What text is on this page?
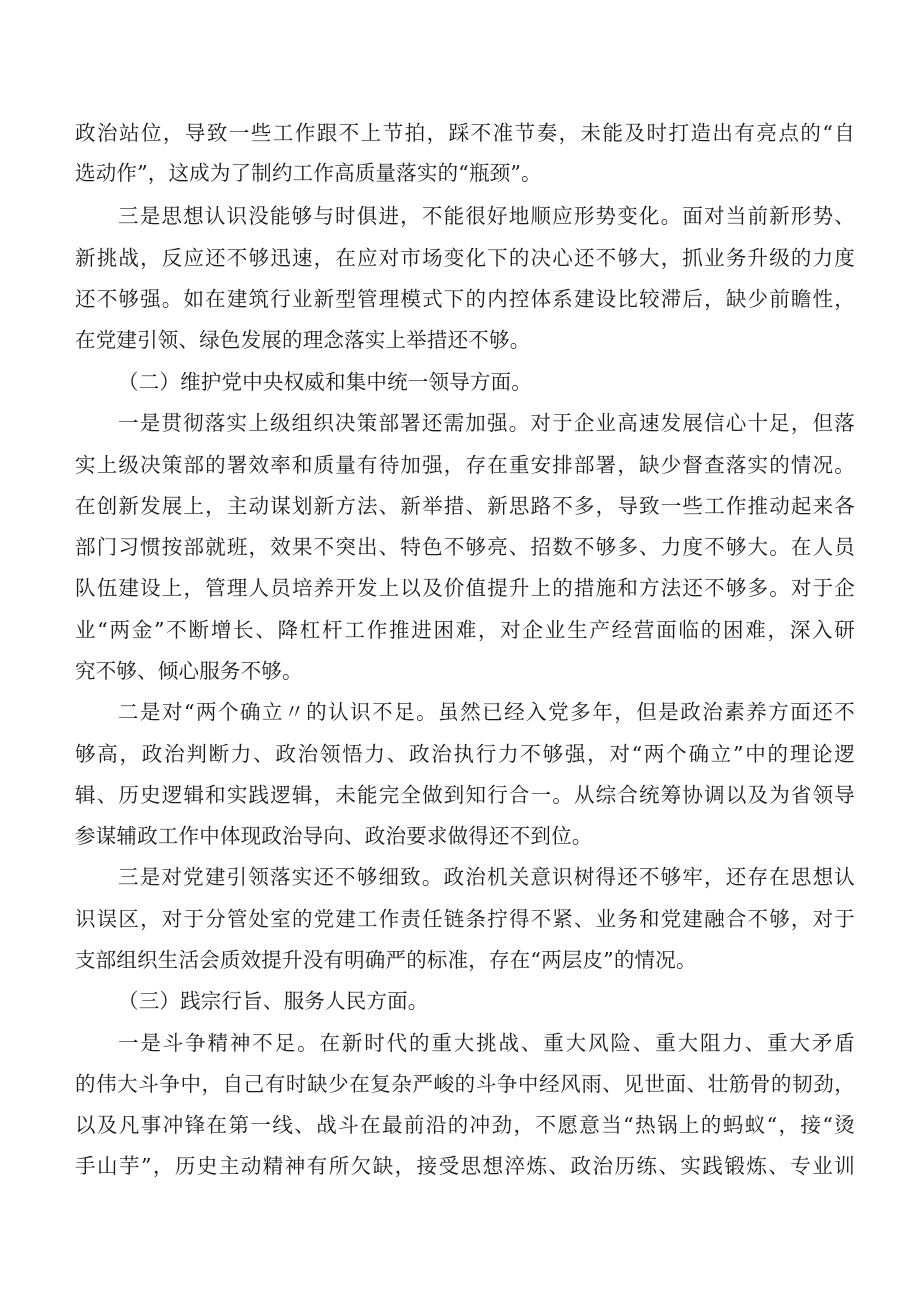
政治站位，导致一些工作跟不上节拍，踩不准节奏，未能及时打造出有亮点的“自
选动作”，这成为了制约工作高质量落实的“瓶颈”。
三是思想认识没能够与时俱进，不能很好地顺应形势变化。面对当前新形势、
新挑战，反应还不够迅速，在应对市场变化下的决心还不够大，抓业务升级的力度
还不够强。如在建筑行业新型管理模式下的内控体系建设比较滞后，缺少前瞻性，
在党建引领、绿色发展的理念落实上举措还不够。
（二）维护党中央权威和集中统一领导方面。
一是贯彻落实上级组织决策部署还需加强。对于企业高速发展信心十足，但落
实上级决策部的署效率和质量有待加强，存在重安排部署，缺少督查落实的情况。
在创新发展上，主动谋划新方法、新举措、新思路不多，导致一些工作推动起来各
部门习惯按部就班，效果不突出、特色不够亮、招数不够多、力度不够大。在人员
队伍建设上，管理人员培养开发上以及价值提升上的措施和方法还不够多。对于企
业“两金”不断增长、降杠杆工作推进困难，对企业生产经营面临的困难，深入研
究不够、倾心服务不够。
二是对“两个确立〃的认识不足。虽然已经入党多年，但是政治素养方面还不
够高，政治判断力、政治领悟力、政治执行力不够强，对“两个确立”中的理论逻
辑、历史逻辑和实践逻辑，未能完全做到知行合一。从综合统筹协调以及为省领导
参谋辅政工作中体现政治导向、政治要求做得还不到位。
三是对党建引领落实还不够细致。政治机关意识树得还不够牢，还存在思想认
识误区，对于分管处室的党建工作责任链条拧得不紧、业务和党建融合不够，对于
支部组织生活会质效提升没有明确严的标准，存在“两层皮”的情况。
（三）践宗行旨、服务人民方面。
一是斗争精神不足。在新时代的重大挑战、重大风险、重大阻力、重大矛盾
的伟大斗争中，自己有时缺少在复杂严峻的斗争中经风雨、见世面、壮筋骨的韧劲，
以及凡事冲锋在第一线、战斗在最前沿的冲劲，不愿意当“热锅上的蚂蚁“，接“烫
手山芋”，历史主动精神有所欠缺，接受思想淬炼、政治历练、实践锻炼、专业训
